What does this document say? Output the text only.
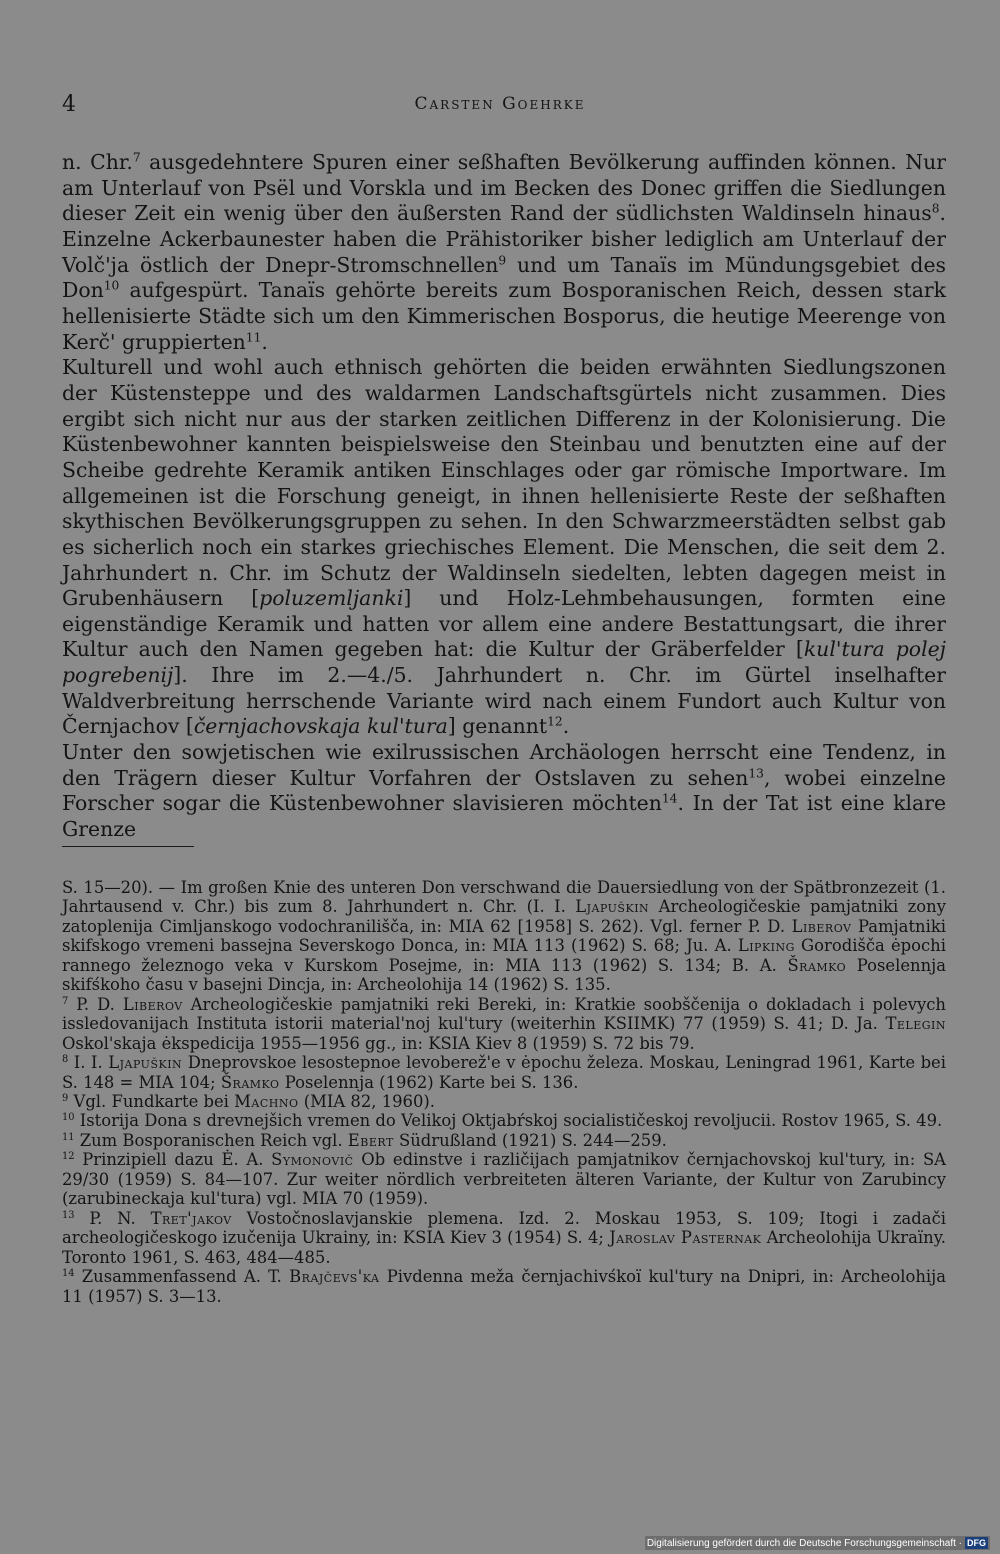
4	Carsten Goehrke

n. Chr.$^7$ ausgedehntere Spuren einer seßhaften Bevölkerung auffinden können. Nur am Unterlauf von Psël und Vorskla und im Becken des Donec griffen die Siedlungen dieser Zeit ein wenig über den äußersten Rand der südlichsten Waldinseln hinaus$^8$. Einzelne Ackerbaunester haben die Prähistoriker bisher lediglich am Unterlauf der Volč'ja östlich der Dnepr-Stromschnellen$^9$ und um Tanaïs im Mündungsgebiet des Don$^{10}$ aufgespürt. Tanaïs gehörte bereits zum Bosporanischen Reich, dessen stark hellenisierte Städte sich um den Kimmerischen Bosporus, die heutige Meerenge von Kerč' gruppierten$^{11}$.

Kulturell und wohl auch ethnisch gehörten die beiden erwähnten Siedlungszonen der Küstensteppe und des waldarmen Landschaftsgürtels nicht zusammen. Dies ergibt sich nicht nur aus der starken zeitlichen Differenz in der Kolonisierung. Die Küstenbewohner kannten beispielsweise den Steinbau und benutzten eine auf der Scheibe gedrehte Keramik antiken Einschlages oder gar römische Importware. Im allgemeinen ist die Forschung geneigt, in ihnen hellenisierte Reste der seßhaften skythischen Bevölkerungsgruppen zu sehen. In den Schwarzmeerstädten selbst gab es sicherlich noch ein starkes griechisches Element. Die Menschen, die seit dem 2. Jahrhundert n. Chr. im Schutz der Waldinseln siedelten, lebten dagegen meist in Grubenhäusern [poluzemljanki] und Holz-Lehmbehausungen, formten eine eigenständige Keramik und hatten vor allem eine andere Bestattungsart, die ihrer Kultur auch den Namen gegeben hat: die Kultur der Gräberfelder [kul'tura polej pogrebenij]. Ihre im 2.—4./5. Jahrhundert n. Chr. im Gürtel inselhafter Waldverbreitung herrschende Variante wird nach einem Fundort auch Kultur von Černjachov [černjachovskaja kul'tura] genannt$^{12}$.

Unter den sowjetischen wie exilrussischen Archäologen herrscht eine Tendenz, in den Trägern dieser Kultur Vorfahren der Ostslaven zu sehen$^{13}$, wobei einzelne Forscher sogar die Küstenbewohner slavisieren möchten$^{14}$. In der Tat ist eine klare Grenze

S. 15—20). — Im großen Knie des unteren Don verschwand die Dauersiedlung von der Spätbronzezeit (1. Jahrtausend v. Chr.) bis zum 8. Jahrhundert n. Chr. (I. I. Ljapuškin Archeologičeskie pamjatniki zony zatoplenija Cimljanskogo vodochranilišča, in: MIA 62 [1958] S. 262). Vgl. ferner P. D. Liberov Pamjatniki skifskogo vremeni bassejna Severskogo Donca, in: MIA 113 (1962) S. 68; Ju. A. Lipking Gorodišča ėpochi rannego železnogo veka v Kurskom Posejme, in: MIA 113 (1962) S. 134; B. A. Šramko Poselennja skifśkoho času v basejni Dincja, in: Archeolohija 14 (1962) S. 135.

$^7$ P. D. Liberov Archeologičeskie pamjatniki reki Bereki, in: Kratkie soobščenija o dokladach i polevych issledovanijach Instituta istorii material'noj kul'tury (weiterhin KSIIMK) 77 (1959) S. 41; D. Ja. Telegin Oskol'skaja ėkspedicija 1955—1956 gg., in: KSIA Kiev 8 (1959) S. 72 bis 79.

$^8$ I. I. Ljapuškin Dneprovskoe lesostepnoe levoberež'e v ėpochu železa. Moskau, Leningrad 1961, Karte bei S. 148 = MIA 104; Šramko Poselennja (1962) Karte bei S. 136.

$^9$ Vgl. Fundkarte bei Machno (MIA 82, 1960).

$^{10}$ Istorija Dona s drevnejšich vremen do Velikoj Oktjabŕskoj socialističeskoj revoljucii. Rostov 1965, S. 49.

$^{11}$ Zum Bosporanischen Reich vgl. Ebert Südrußland (1921) S. 244—259.

$^{12}$ Prinzipiell dazu Ė. A. Symonovič Ob edinstve i različijach pamjatnikov černjachovskoj kul'tury, in: SA 29/30 (1959) S. 84—107. Zur weiter nördlich verbreiteten älteren Variante, der Kultur von Zarubincy (zarubineckaja kul'tura) vgl. MIA 70 (1959).

$^{13}$ P. N. Tret'jakov Vostočnoslavjanskie plemena. Izd. 2. Moskau 1953, S. 109; Itogi i zadači archeologičeskogo izučenija Ukrainy, in: KSIA Kiev 3 (1954) S. 4; Jaroslav Pasternak Archeolohija Ukraïny. Toronto 1961, S. 463, 484—485.

$^{14}$ Zusammenfassend A. T. Brajčevs'ka Pivdenna meža černjachivśkoï kul'tury na Dnipri, in: Archeolohija 11 (1957) S. 3—13.

Digitalisierung gefördert durch die Deutsche Forschungsgemeinschaft · DFG
